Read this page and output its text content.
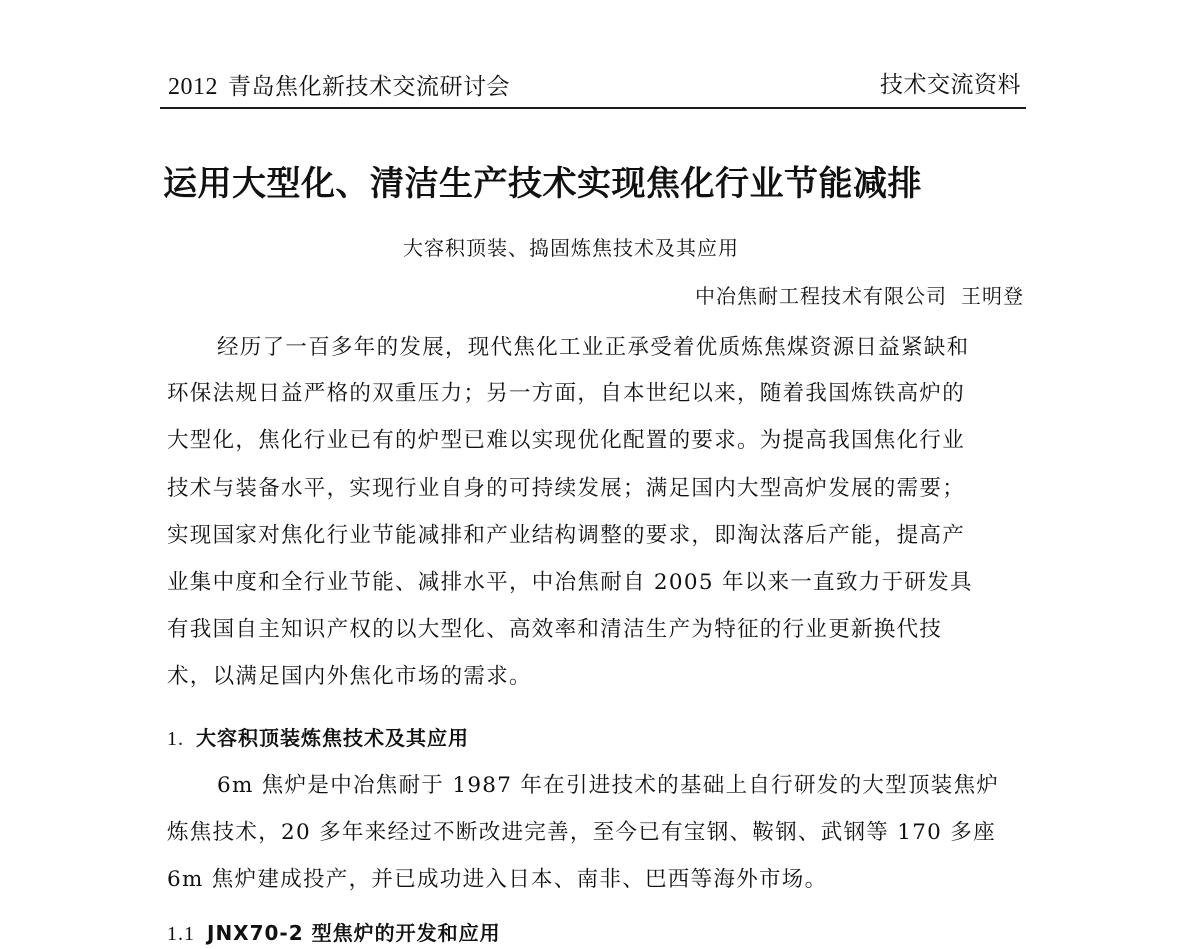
2012 青岛焦化新技术交流研讨会	技术交流资料
运用大型化、清洁生产技术实现焦化行业节能减排
大容积顶装、捣固炼焦技术及其应用
中冶焦耐工程技术有限公司 王明登
经历了一百多年的发展，现代焦化工业正承受着优质炼焦煤资源日益紧缺和
环保法规日益严格的双重压力；另一方面，自本世纪以来，随着我国炼铁高炉的
大型化，焦化行业已有的炉型已难以实现优化配置的要求。为提高我国焦化行业
技术与装备水平，实现行业自身的可持续发展；满足国内大型高炉发展的需要；
实现国家对焦化行业节能减排和产业结构调整的要求，即淘汰落后产能，提高产
业集中度和全行业节能、减排水平，中冶焦耐自 2005 年以来一直致力于研发具
有我国自主知识产权的以大型化、高效率和清洁生产为特征的行业更新换代技
术，以满足国内外焦化市场的需求。
1. 大容积顶装炼焦技术及其应用
6m 焦炉是中冶焦耐于 1987 年在引进技术的基础上自行研发的大型顶装焦炉
炼焦技术，20 多年来经过不断改进完善，至今已有宝钢、鞍钢、武钢等 170 多座
6m 焦炉建成投产，并已成功进入日本、南非、巴西等海外市场。
1.1 JNX70-2 型焦炉的开发和应用
